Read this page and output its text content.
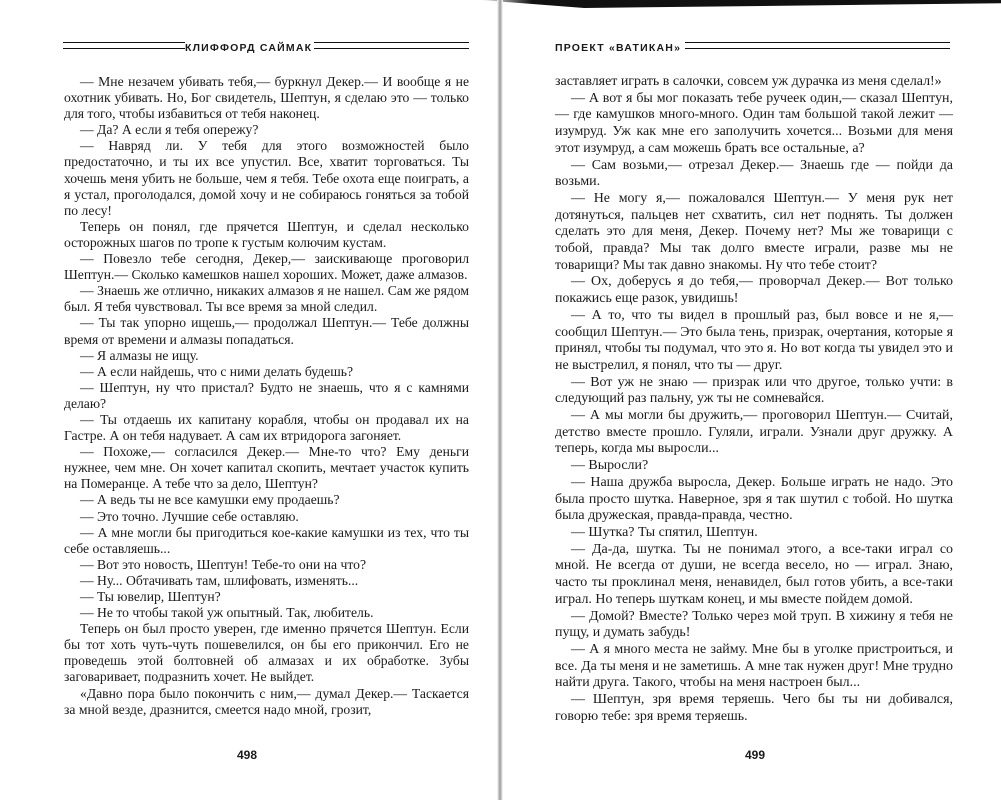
КЛИФФОРД САЙМАК

— Мне незачем убивать тебя,— буркнул Декер.— И вообще я не охотник убивать. Но, Бог свидетель, Шептун, я сделаю это — только для того, чтобы избавиться от тебя наконец.

— Да? А если я тебя опережу?

— Навряд ли. У тебя для этого возможностей было предостаточно, и ты их все упустил. Все, хватит торговаться. Ты хочешь меня убить не больше, чем я тебя. Тебе охота еще поиграть, а я устал, проголодался, домой хочу и не собираюсь гоняться за тобой по лесу!

Теперь он понял, где прячется Шептун, и сделал несколько осторожных шагов по тропе к густым колючим кустам.

— Повезло тебе сегодня, Декер,— заискивающе проговорил Шептун.— Сколько камешков нашел хороших. Может, даже алмазов.

— Знаешь же отлично, никаких алмазов я не нашел. Сам же рядом был. Я тебя чувствовал. Ты все время за мной следил.

— Ты так упорно ищешь,— продолжал Шептун.— Тебе должны время от времени и алмазы попадаться.

— Я алмазы не ищу.

— А если найдешь, что с ними делать будешь?

— Шептун, ну что пристал? Будто не знаешь, что я с камнями делаю?

— Ты отдаешь их капитану корабля, чтобы он продавал их на Гастре. А он тебя надувает. А сам их втридорога загоняет.

— Похоже,— согласился Декер.— Мне-то что? Ему деньги нужнее, чем мне. Он хочет капитал скопить, мечтает участок купить на Померанце. А тебе что за дело, Шептун?

— А ведь ты не все камушки ему продаешь?

— Это точно. Лучшие себе оставляю.

— А мне могли бы пригодиться кое-какие камушки из тех, что ты себе оставляешь...

— Вот это новость, Шептун! Тебе-то они на что?

— Ну... Обтачивать там, шлифовать, изменять...

— Ты ювелир, Шептун?

— Не то чтобы такой уж опытный. Так, любитель.

Теперь он был просто уверен, где именно прячется Шептун. Если бы тот хоть чуть-чуть пошевелился, он бы его прикончил. Его не проведешь этой болтовней об алмазах и их обработке. Зубы заговаривает, подразнить хочет. Не выйдет.

«Давно пора было покончить с ним,— думал Декер.— Таскается за мной везде, дразнится, смеется надо мной, грозит,

498
ПРОЕКТ «ВАТИКАН»

заставляет играть в салочки, совсем уж дурачка из меня сделал!»

— А вот я бы мог показать тебе ручеек один,— сказал Шептун,— где камушков много-много. Один там большой такой лежит — изумруд. Уж как мне его заполучить хочется... Возьми для меня этот изумруд, а сам можешь брать все остальные, а?

— Сам возьми,— отрезал Декер.— Знаешь где — пойди да возьми.

— Не могу я,— пожаловался Шептун.— У меня рук нет дотянуться, пальцев нет схватить, сил нет поднять. Ты должен сделать это для меня, Декер. Почему нет? Мы же товарищи с тобой, правда? Мы так долго вместе играли, разве мы не товарищи? Мы так давно знакомы. Ну что тебе стоит?

— Ох, доберусь я до тебя,— проворчал Декер.— Вот только покажись еще разок, увидишь!

— А то, что ты видел в прошлый раз, был вовсе и не я,— сообщил Шептун.— Это была тень, призрак, очертания, которые я принял, чтобы ты подумал, что это я. Но вот когда ты увидел это и не выстрелил, я понял, что ты — друг.

— Вот уж не знаю — призрак или что другое, только учти: в следующий раз пальну, уж ты не сомневайся.

— А мы могли бы дружить,— проговорил Шептун.— Считай, детство вместе прошло. Гуляли, играли. Узнали друг дружку. А теперь, когда мы выросли...

— Выросли?

— Наша дружба выросла, Декер. Больше играть не надо. Это была просто шутка. Наверное, зря я так шутил с тобой. Но шутка была дружеская, правда-правда, честно.

— Шутка? Ты спятил, Шептун.

— Да-да, шутка. Ты не понимал этого, а все-таки играл со мной. Не всегда от души, не всегда весело, но — играл. Знаю, часто ты проклинал меня, ненавидел, был готов убить, а все-таки играл. Но теперь шуткам конец, и мы вместе пойдем домой.

— Домой? Вместе? Только через мой труп. В хижину я тебя не пущу, и думать забудь!

— А я много места не займу. Мне бы в уголке пристроиться, и все. Да ты меня и не заметишь. А мне так нужен друг! Мне трудно найти друга. Такого, чтобы на меня настроен был...

— Шептун, зря время теряешь. Чего бы ты ни добивался, говорю тебе: зря время теряешь.

499
